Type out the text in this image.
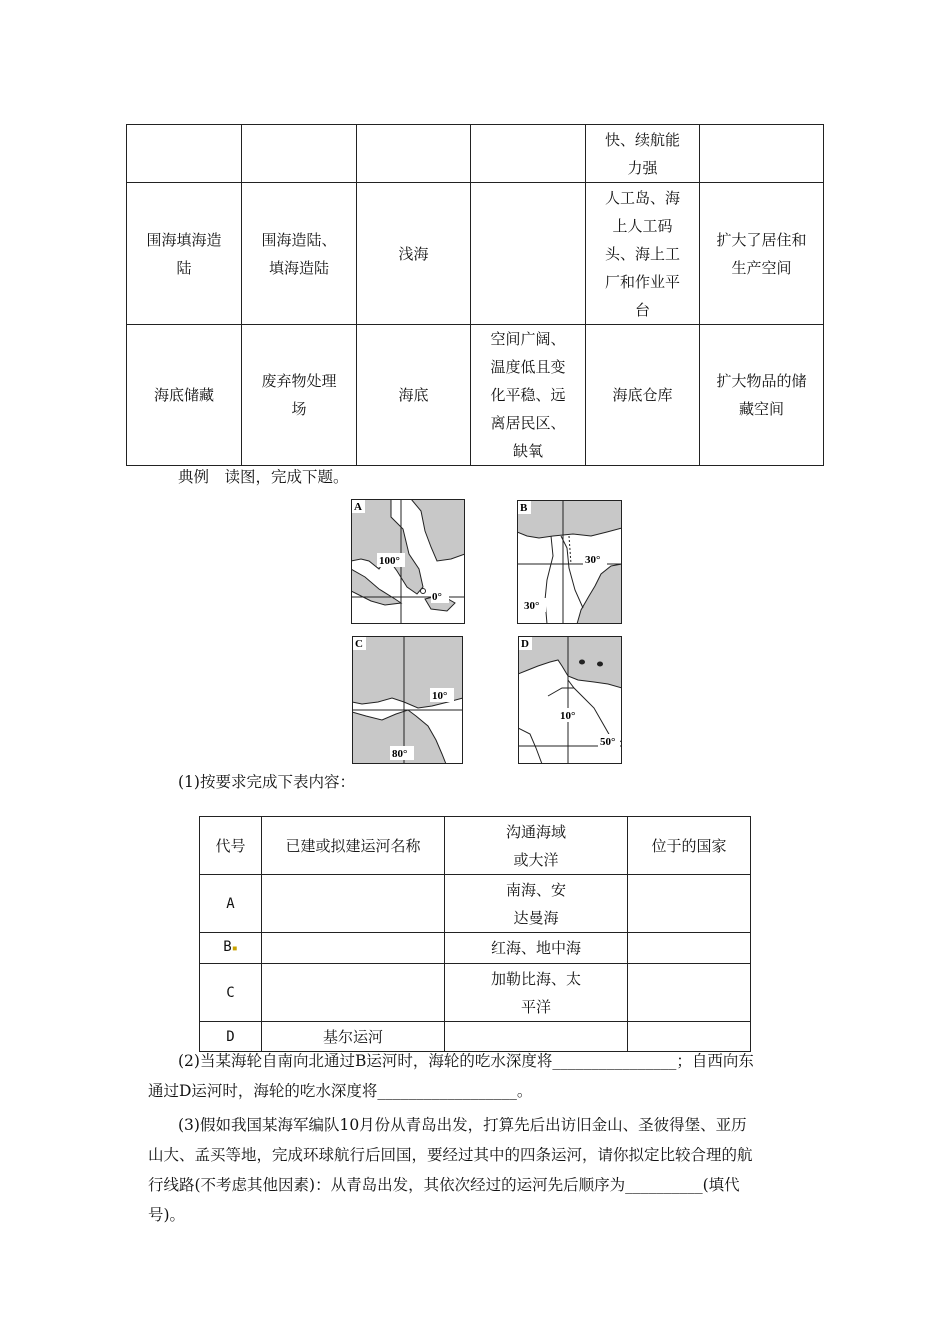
				快、续航能力强	
围海填海造陆	围海造陆、填海造陆	浅海		人工岛、海上人工码头、海上工厂和作业平台	扩大了居住和生产空间
海底储藏	废弃物处理场	海底	空间广阔、温度低且变化平稳、远离居民区、缺氧	海底仓库	扩大物品的储藏空间

典例　读图，完成下题。

A
100°
0°
B
30°
30°
C
10°
80°
D
10°
50°

(1)按要求完成下表内容：

代号	已建或拟建运河名称	沟通海域或大洋	位于的国家
A		南海、安达曼海	
B▪		红海、地中海	
C		加勒比海、太平洋	
D	基尔运河		

(2)当某海轮自南向北通过B运河时，海轮的吃水深度将________________；自西向东

通过D运河时，海轮的吃水深度将__________________。

(3)假如我国某海军编队10月份从青岛出发，打算先后出访旧金山、圣彼得堡、亚历

山大、孟买等地，完成环球航行后回国，要经过其中的四条运河，请你拟定比较合理的航

行线路(不考虑其他因素)：从青岛出发，其依次经过的运河先后顺序为__________(填代

号)。
